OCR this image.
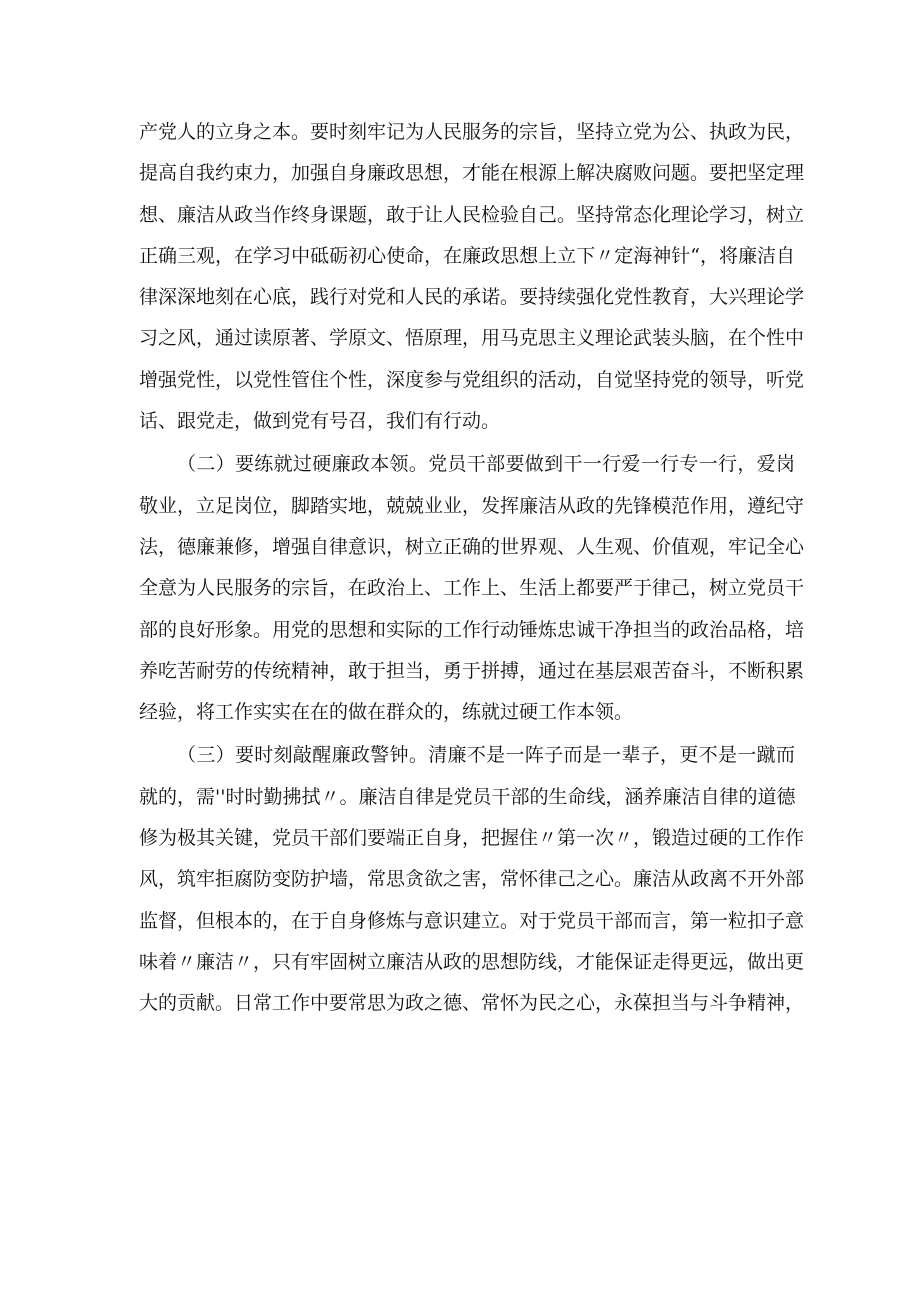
产党人的立身之本。要时刻牢记为人民服务的宗旨，坚持立党为公、执政为民，
提高自我约束力，加强自身廉政思想，才能在根源上解决腐败问题。要把坚定理
想、廉洁从政当作终身课题，敢于让人民检验自己。坚持常态化理论学习，树立
正确三观，在学习中砥砺初心使命，在廉政思想上立下〃定海神针“，将廉洁自
律深深地刻在心底，践行对党和人民的承诺。要持续强化党性教育，大兴理论学
习之风，通过读原著、学原文、悟原理，用马克思主义理论武装头脑，在个性中
增强党性，以党性管住个性，深度参与党组织的活动，自觉坚持党的领导，听党
话、跟党走，做到党有号召，我们有行动。
（二）要练就过硬廉政本领。党员干部要做到干一行爱一行专一行，爱岗
敬业，立足岗位，脚踏实地，兢兢业业，发挥廉洁从政的先锋模范作用，遵纪守
法，德廉兼修，增强自律意识，树立正确的世界观、人生观、价值观，牢记全心
全意为人民服务的宗旨，在政治上、工作上、生活上都要严于律己，树立党员干
部的良好形象。用党的思想和实际的工作行动锤炼忠诚干净担当的政治品格，培
养吃苦耐劳的传统精神，敢于担当，勇于拼搏，通过在基层艰苦奋斗，不断积累
经验，将工作实实在在的做在群众的，练就过硬工作本领。
（三）要时刻敲醒廉政警钟。清廉不是一阵子而是一辈子，更不是一蹴而
就的，需''时时勤拂拭〃。廉洁自律是党员干部的生命线，涵养廉洁自律的道德
修为极其关键，党员干部们要端正自身，把握住〃第一次〃，锻造过硬的工作作
风，筑牢拒腐防变防护墙，常思贪欲之害，常怀律己之心。廉洁从政离不开外部
监督，但根本的，在于自身修炼与意识建立。对于党员干部而言，第一粒扣子意
味着〃廉洁〃，只有牢固树立廉洁从政的思想防线，才能保证走得更远，做出更
大的贡献。日常工作中要常思为政之德、常怀为民之心，永葆担当与斗争精神，
